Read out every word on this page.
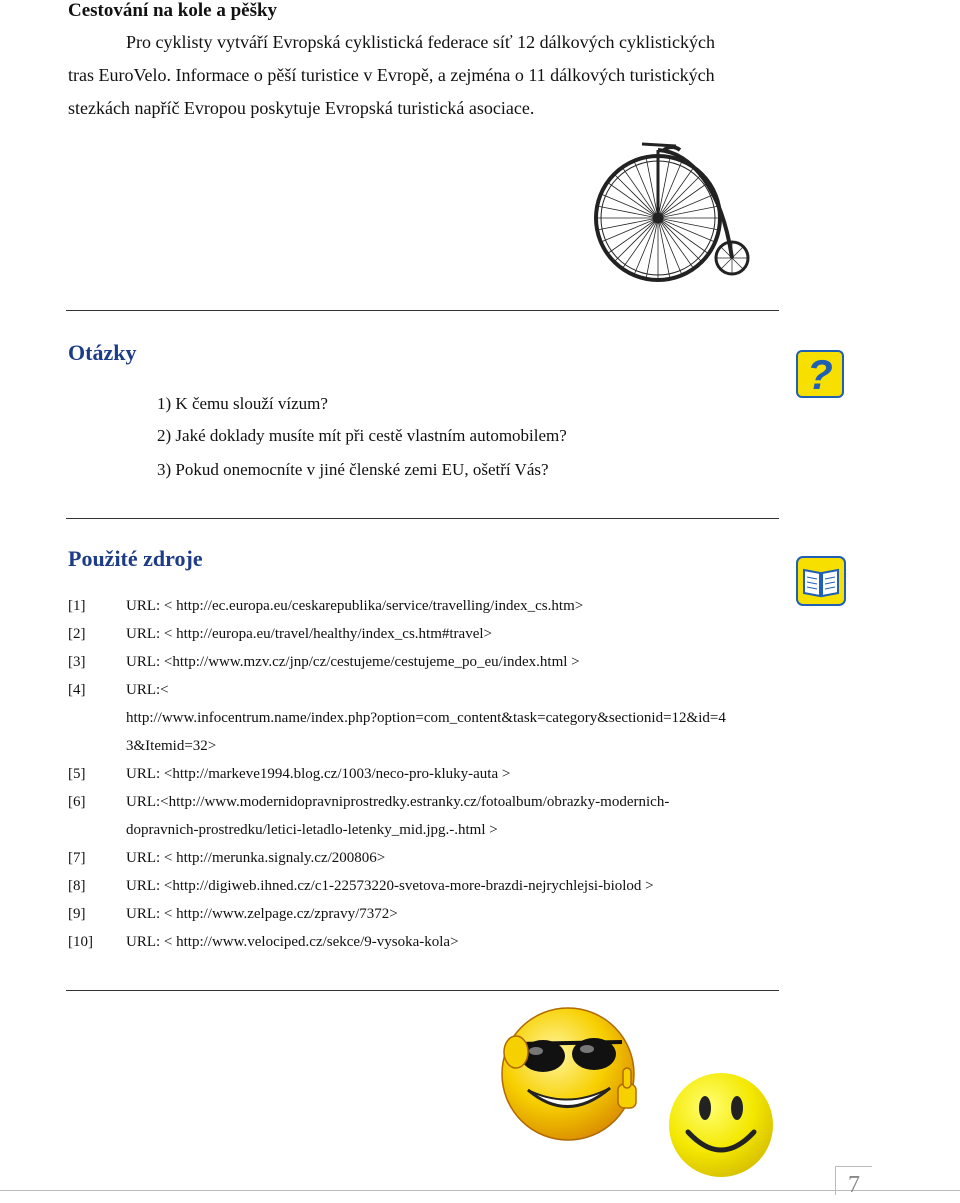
Cestování na kole a pěšky
Pro cyklisty vytváří Evropská cyklistická federace síť 12 dálkových cyklistických
tras EuroVelo. Informace o pěší turistice v Evropě, a zejména o 11 dálkových turistických
stezkách napříč Evropou poskytuje Evropská turistická asociace.
Otázky	?
1) K čemu slouží vízum?
2) Jaké doklady musíte mít při cestě vlastním automobilem?
3) Pokud onemocníte v jiné členské zemi EU, ošetří Vás?
Použité zdroje
[1]	URL: < http://ec.europa.eu/ceskarepublika/service/travelling/index_cs.htm>
[2]	URL: < http://europa.eu/travel/healthy/index_cs.htm#travel>
[3]	URL: <http://www.mzv.cz/jnp/cz/cestujeme/cestujeme_po_eu/index.html >
[4]	URL:<
http://www.infocentrum.name/index.php?option=com_content&task=category&sectionid=12&id=4
3&Itemid=32>
[5]	URL: <http://markeve1994.blog.cz/1003/neco-pro-kluky-auta >
[6]	URL:<http://www.modernidopravniprostredky.estranky.cz/fotoalbum/obrazky-modernich-
dopravnich-prostredku/letici-letadlo-letenky_mid.jpg.-.html >
[7]	URL: < http://merunka.signaly.cz/200806>
[8]	URL: <http://digiweb.ihned.cz/c1-22573220-svetova-more-brazdi-nejrychlejsi-biolod >
[9]	URL: < http://www.zelpage.cz/zpravy/7372>
[10] URL: < http://www.velociped.cz/sekce/9-vysoka-kola>
7
